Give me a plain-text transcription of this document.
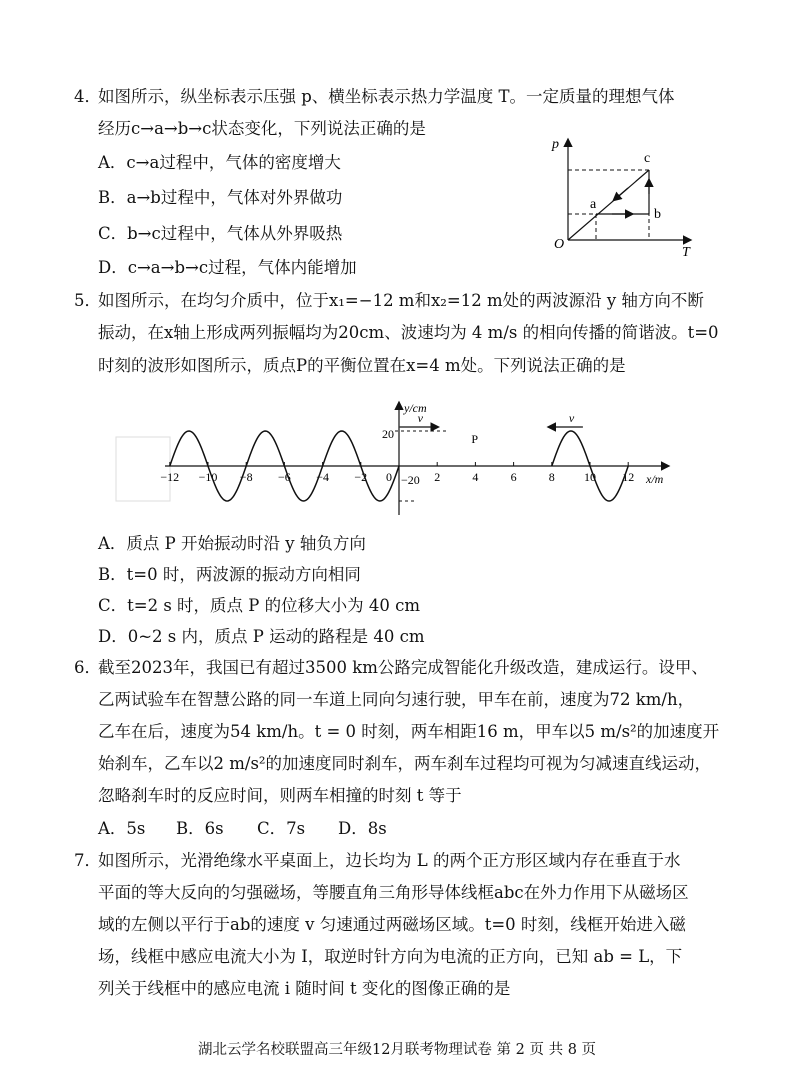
4．
如图所示，纵坐标表示压强 p、横坐标表示热力学温度 T。一定质量的理想气体
经历c→a→b→c状态变化，下列说法正确的是
A．c→a过程中，气体的密度增大
B．a→b过程中，气体对外界做功
C．b→c过程中，气体从外界吸热
D．c→a→b→c过程，气体内能增加
p
T
O
a
b
c
5．
如图所示，在均匀介质中，位于x₁=−12 m和x₂=12 m处的两波源沿 y 轴方向不断
振动，在x轴上形成两列振幅均为20cm、波速均为 4 m/s 的相向传播的简谐波。t=0
时刻的波形如图所示，质点P的平衡位置在x=4 m处。下列说法正确的是
y/cm
x/m
20
−20
−12 −10 −8 −6 −4 −2 0	2	4	6	8 10 12
P
v	v
A．质点 P 开始振动时沿 y 轴负方向
B．t=0 时，两波源的振动方向相同
C．t=2 s 时，质点 P 的位移大小为 40 cm
D．0~2 s 内，质点 P 运动的路程是 40 cm
6．
截至2023年，我国已有超过3500 km公路完成智能化升级改造，建成运行。设甲、
乙两试验车在智慧公路的同一车道上同向匀速行驶，甲车在前，速度为72 km/h，
乙车在后，速度为54 km/h。t = 0 时刻，两车相距16 m，甲车以5 m/s²的加速度开
始刹车，乙车以2 m/s²的加速度同时刹车，两车刹车过程均可视为匀减速直线运动，
忽略刹车时的反应时间，则两车相撞的时刻 t 等于
A．5s B．6s C．7s D．8s
7．
如图所示，光滑绝缘水平桌面上，边长均为 L 的两个正方形区域内存在垂直于水
平面的等大反向的匀强磁场，等腰直角三角形导体线框abc在外力作用下从磁场区
域的左侧以平行于ab的速度 v 匀速通过两磁场区域。t=0 时刻，线框开始进入磁
场，线框中感应电流大小为 I，取逆时针方向为电流的正方向，已知 ab = L，下
列关于线框中的感应电流 i 随时间 t 变化的图像正确的是
湖北云学名校联盟高三年级12月联考物理试卷 第 2 页 共 8 页
